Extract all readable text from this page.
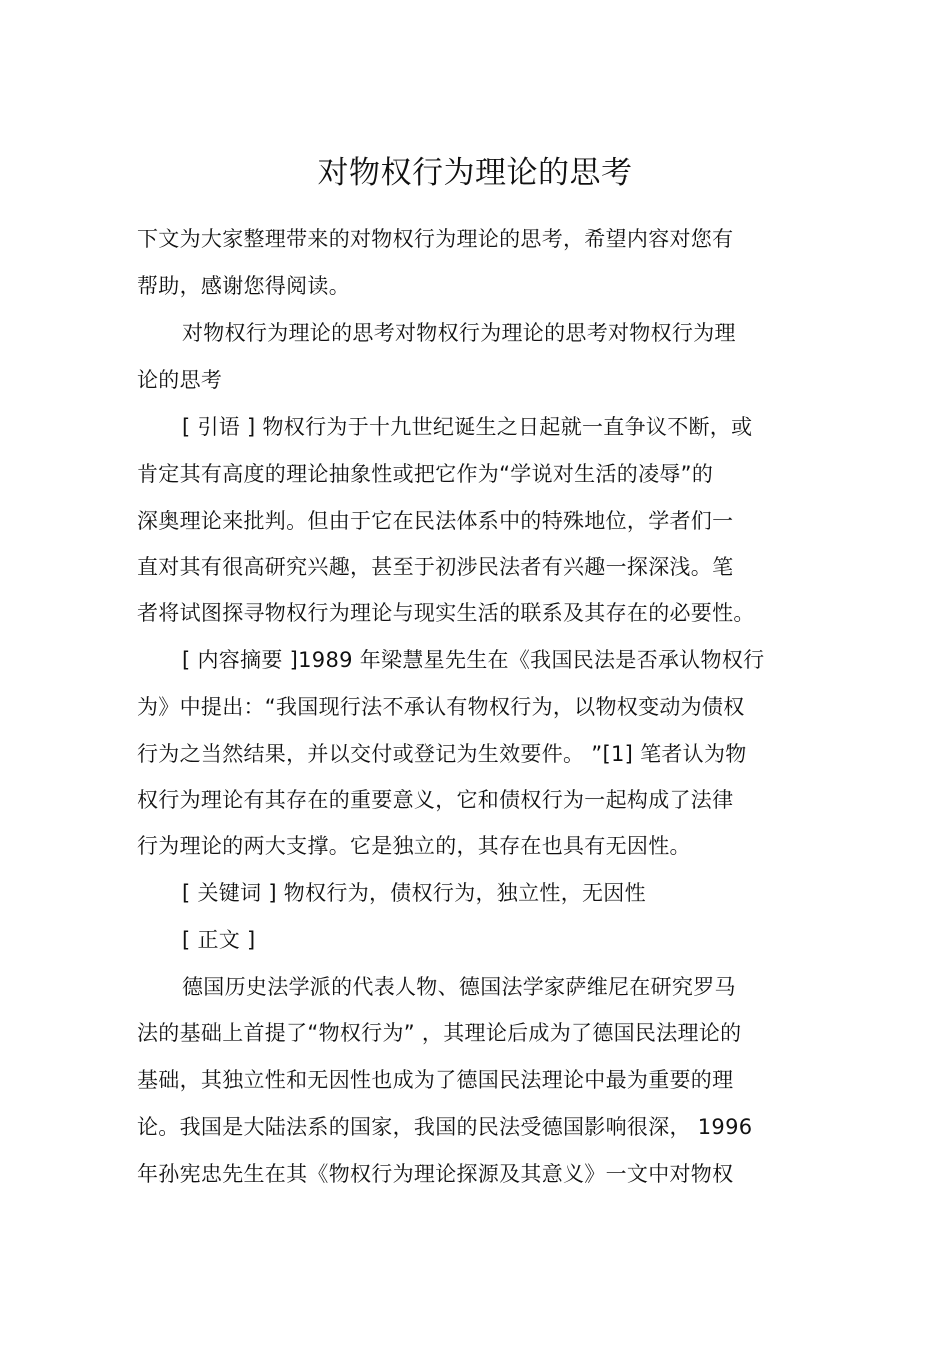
对物权行为理论的思考
下文为大家整理带来的对物权行为理论的思考，希望内容对您有
帮助，感谢您得阅读。
对物权行为理论的思考对物权行为理论的思考对物权行为理
论的思考
[ 引语 ] 物权行为于十九世纪诞生之日起就一直争议不断，或
肯定其有高度的理论抽象性或把它作为“学说对生活的凌辱”的
深奥理论来批判。但由于它在民法体系中的特殊地位，学者们一
直对其有很高研究兴趣，甚至于初涉民法者有兴趣一探深浅。笔
者将试图探寻物权行为理论与现实生活的联系及其存在的必要性。
[ 内容摘要 ]1989 年梁慧星先生在《我国民法是否承认物权行
为》中提出：“我国现行法不承认有物权行为，以物权变动为债权
行为之当然结果，并以交付或登记为生效要件。 ”[1] 笔者认为物
权行为理论有其存在的重要意义，它和债权行为一起构成了法律
行为理论的两大支撑。它是独立的，其存在也具有无因性。
[ 关键词 ] 物权行为，债权行为，独立性，无因性
[ 正文 ]
德国历史法学派的代表人物、德国法学家萨维尼在研究罗马
法的基础上首提了“物权行为” ，其理论后成为了德国民法理论的
基础，其独立性和无因性也成为了德国民法理论中最为重要的理
论。我国是大陆法系的国家，我国的民法受德国影响很深， 1996
年孙宪忠先生在其《物权行为理论探源及其意义》一文中对物权
